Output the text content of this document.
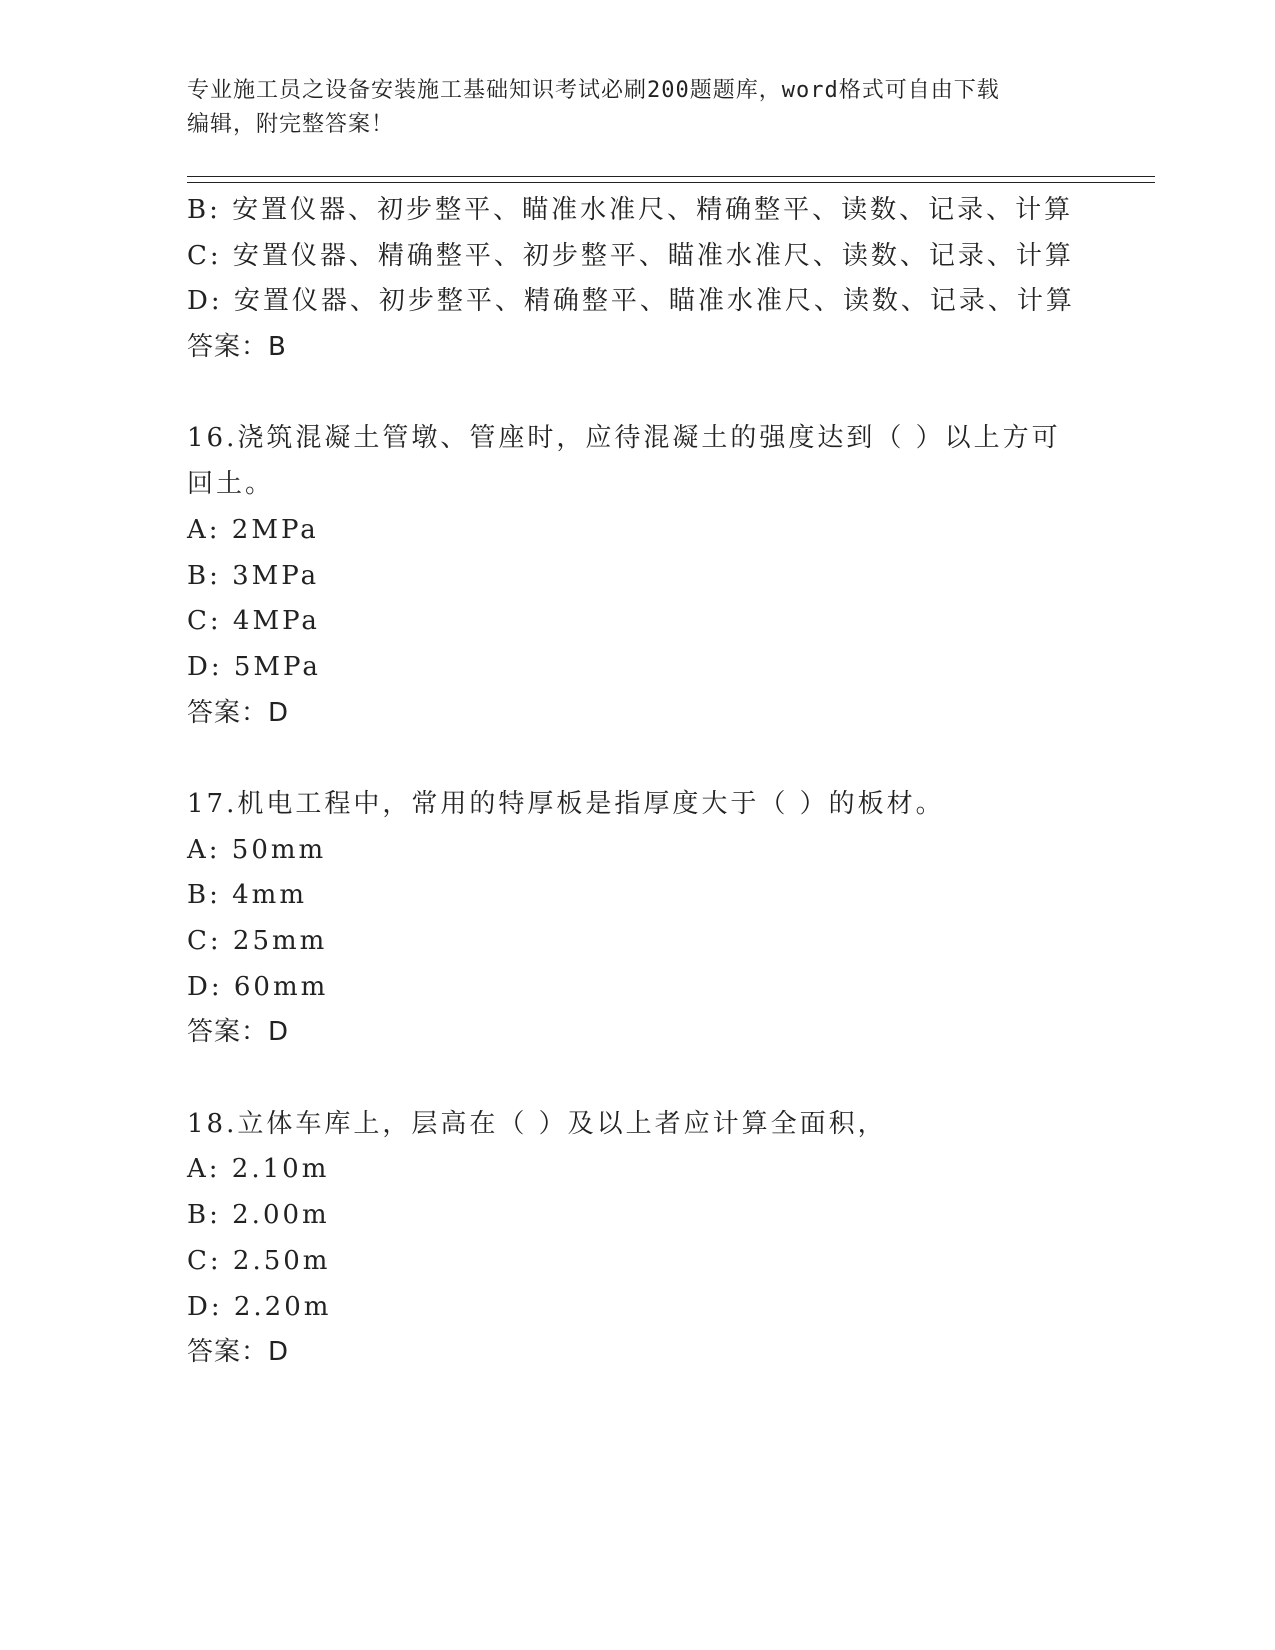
专业施工员之设备安装施工基础知识考试必刷200题题库，word格式可自由下载
编辑，附完整答案！
B: 安置仪器、初步整平、瞄准水准尺、精确整平、读数、记录、计算
C: 安置仪器、精确整平、初步整平、瞄准水准尺、读数、记录、计算
D: 安置仪器、初步整平、精确整平、瞄准水准尺、读数、记录、计算
答案：B
16.浇筑混凝土管墩、管座时，应待混凝土的强度达到（ ）以上方可
回土。
A: 2MPa
B: 3MPa
C: 4MPa
D: 5MPa
答案：D
17.机电工程中，常用的特厚板是指厚度大于（ ）的板材。
A: 50mm
B: 4mm
C: 25mm
D: 60mm
答案：D
18.立体车库上，层高在（ ）及以上者应计算全面积，
A: 2.10m
B: 2.00m
C: 2.50m
D: 2.20m
答案：D
